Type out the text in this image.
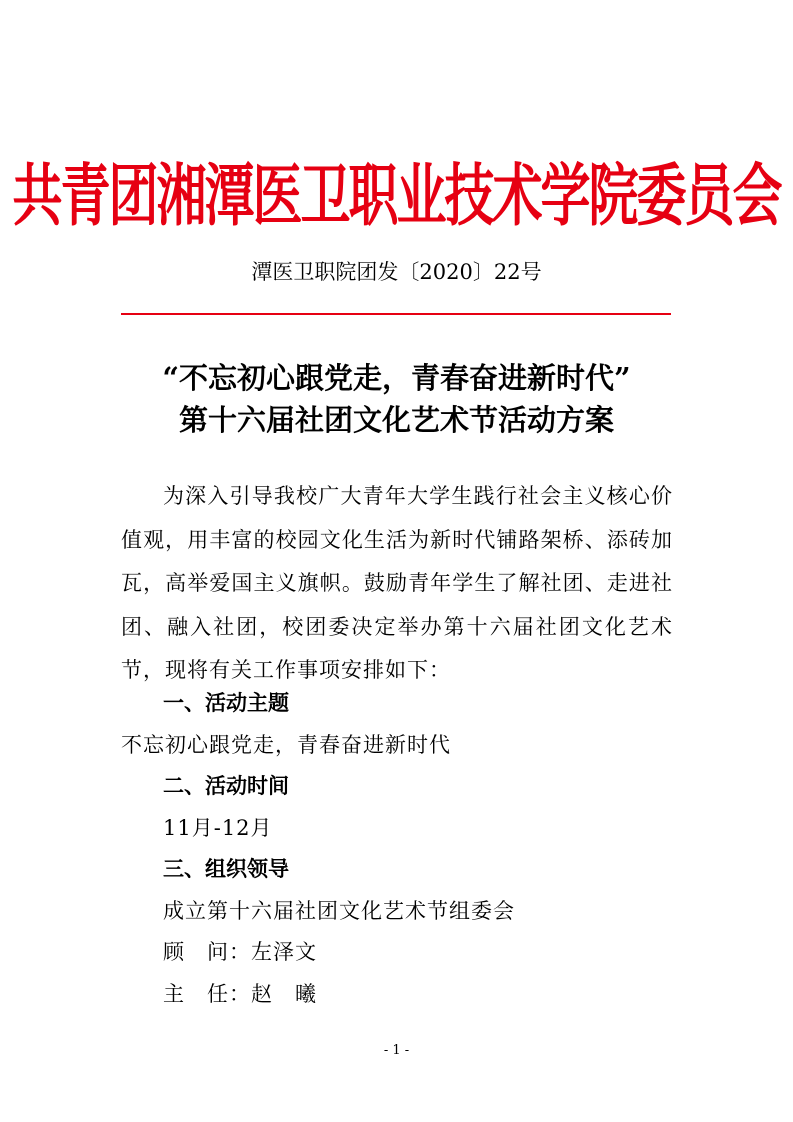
共青团湘潭医卫职业技术学院委员会
潭医卫职院团发〔2020〕22号
“不忘初心跟党走，青春奋进新时代”
第十六届社团文化艺术节活动方案
为深入引导我校广大青年大学生践行社会主义核心价值观，用丰富的校园文化生活为新时代铺路架桥、添砖加瓦，高举爱国主义旗帜。鼓励青年学生了解社团、走进社团、融入社团，校团委决定举办第十六届社团文化艺术节，现将有关工作事项安排如下：
一、活动主题
不忘初心跟党走，青春奋进新时代
二、活动时间
11月-12月
三、组织领导
成立第十六届社团文化艺术节组委会
顾　问：左泽文
主　任：赵　曦
- 1 -
